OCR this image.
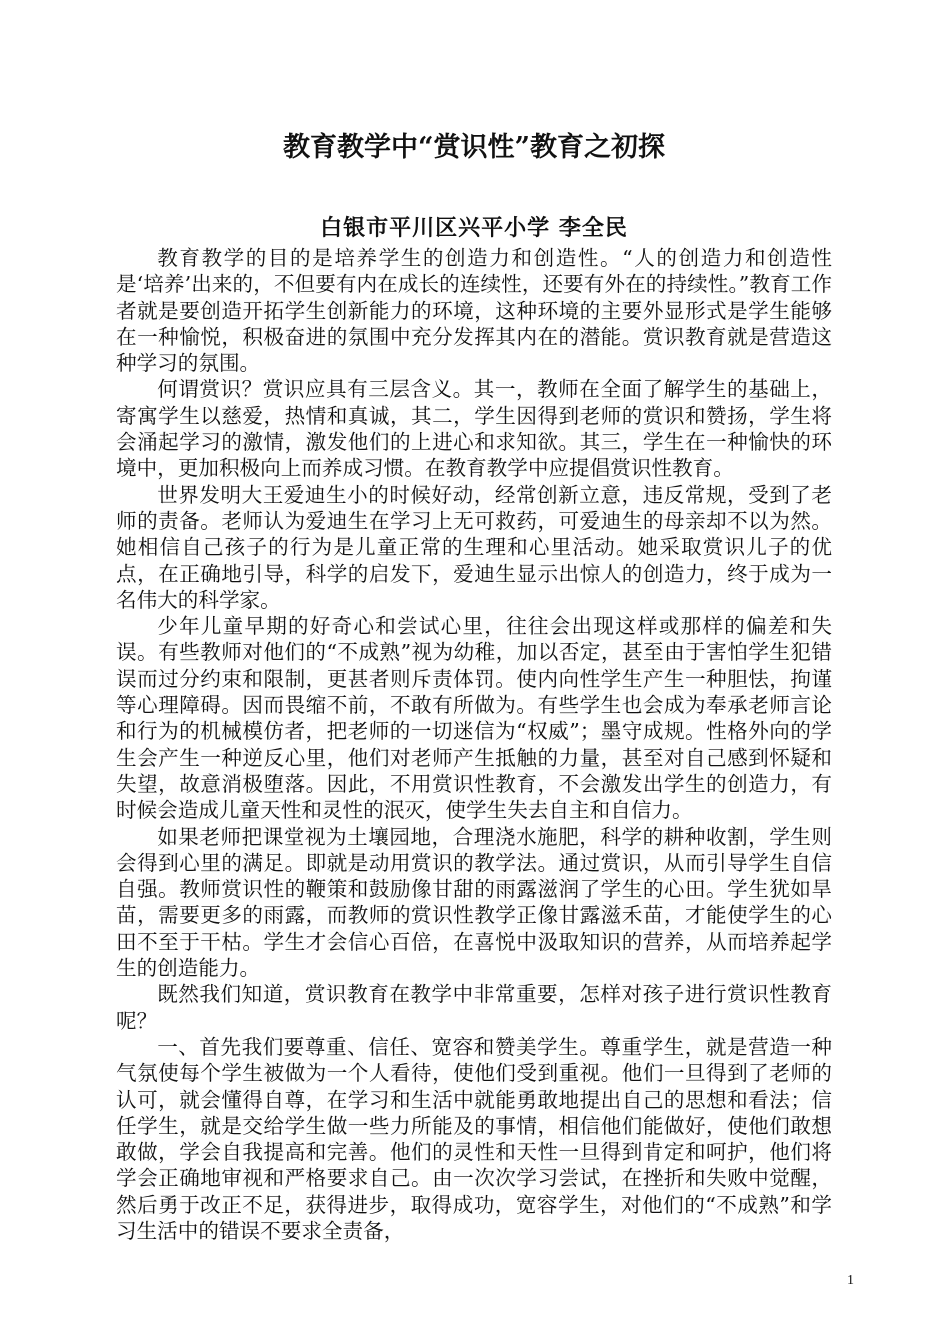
教育教学中“赏识性”教育之初探
白银市平川区兴平小学 李全民

教育教学的目的是培养学生的创造力和创造性。“人的创造力和创造性是‘培养’出来的，不但要有内在成长的连续性，还要有外在的持续性。”教育工作者就是要创造开拓学生创新能力的环境，这种环境的主要外显形式是学生能够在一种愉悦，积极奋进的氛围中充分发挥其内在的潜能。赏识教育就是营造这种学习的氛围。

何谓赏识？赏识应具有三层含义。其一，教师在全面了解学生的基础上，寄寓学生以慈爱，热情和真诚，其二，学生因得到老师的赏识和赞扬，学生将会涌起学习的激情，激发他们的上进心和求知欲。其三，学生在一种愉快的环境中，更加积极向上而养成习惯。在教育教学中应提倡赏识性教育。

世界发明大王爱迪生小的时候好动，经常创新立意，违反常规，受到了老师的责备。老师认为爱迪生在学习上无可救药，可爱迪生的母亲却不以为然。她相信自己孩子的行为是儿童正常的生理和心里活动。她采取赏识儿子的优点，在正确地引导，科学的启发下，爱迪生显示出惊人的创造力，终于成为一名伟大的科学家。

少年儿童早期的好奇心和尝试心里，往往会出现这样或那样的偏差和失误。有些教师对他们的“不成熟”视为幼稚，加以否定，甚至由于害怕学生犯错误而过分约束和限制，更甚者则斥责体罚。使内向性学生产生一种胆怯，拘谨等心理障碍。因而畏缩不前，不敢有所做为。有些学生也会成为奉承老师言论和行为的机械模仿者，把老师的一切迷信为“权威”；墨守成规。性格外向的学生会产生一种逆反心里，他们对老师产生抵触的力量，甚至对自己感到怀疑和失望，故意消极堕落。因此，不用赏识性教育，不会激发出学生的创造力，有时候会造成儿童天性和灵性的泯灭，使学生失去自主和自信力。

如果老师把课堂视为土壤园地，合理浇水施肥，科学的耕种收割，学生则会得到心里的满足。即就是动用赏识的教学法。通过赏识，从而引导学生自信自强。教师赏识性的鞭策和鼓励像甘甜的雨露滋润了学生的心田。学生犹如旱苗，需要更多的雨露，而教师的赏识性教学正像甘露滋禾苗，才能使学生的心田不至于干枯。学生才会信心百倍，在喜悦中汲取知识的营养，从而培养起学生的创造能力。

既然我们知道，赏识教育在教学中非常重要，怎样对孩子进行赏识性教育呢？

一、首先我们要尊重、信任、宽容和赞美学生。尊重学生，就是营造一种气氛使每个学生被做为一个人看待，使他们受到重视。他们一旦得到了老师的认可，就会懂得自尊，在学习和生活中就能勇敢地提出自己的思想和看法；信任学生，就是交给学生做一些力所能及的事情，相信他们能做好，使他们敢想敢做，学会自我提高和完善。他们的灵性和天性一旦得到肯定和呵护，他们将学会正确地审视和严格要求自己。由一次次学习尝试，在挫折和失败中觉醒，然后勇于改正不足，获得进步，取得成功，宽容学生，对他们的“不成熟”和学习生活中的错误不要求全责备，

1
